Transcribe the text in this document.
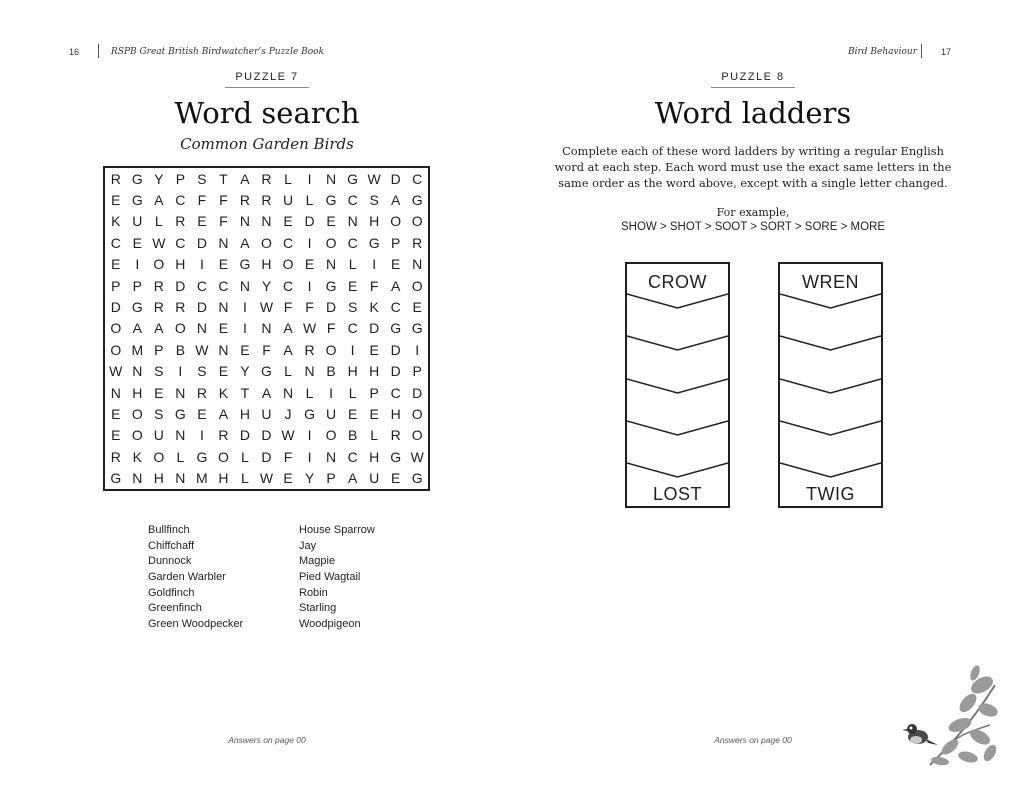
16	RSPB Great British Birdwatcher’s Puzzle Book
PUZZLE 7
Word search
Common Garden Birds
R G Y P S T A R L	I	N G W D C
E G A C F F R R U L G C S A G
K U L R E F N N E D E N H O O
C E W C D N A O C	I	O C G P R
E	I	O H	I	E G H O E N L	I	E N
P P R D C C N Y C	I	G E F A O
D G R R D N	I W F F D S K C E
O A A O N E	I	N A W F C D G G
O M P B W N E F A R O	I	E D	I
W N S	I	S E Y G L N B H H D P
N H E N R K T A N L	I	L P C D
E O S G E A H U J G U E E H O
E O U N	I	R D D W I	O B L R O
R K O L G O L D F	I	N C H G W
G N H N M H L W E Y P A U E G
Bullfinch
Chiffchaff
Dunnock
Garden Warbler
Goldfinch
Greenfinch
Green Woodpecker
House Sparrow
Jay
Magpie
Pied Wagtail
Robin
Starling
Woodpigeon
Answers on page 00
Bird Behaviour	17
PUZZLE 8
Word ladders
Complete each of these word ladders by writing a regular English word at each step. Each word must use the exact same letters in the same order as the word above, except with a single letter changed.
For example,
SHOW > SHOT > SOOT > SORT > SORE > MORE
CROW
LOST
WREN
TWIG
Answers on page 00
